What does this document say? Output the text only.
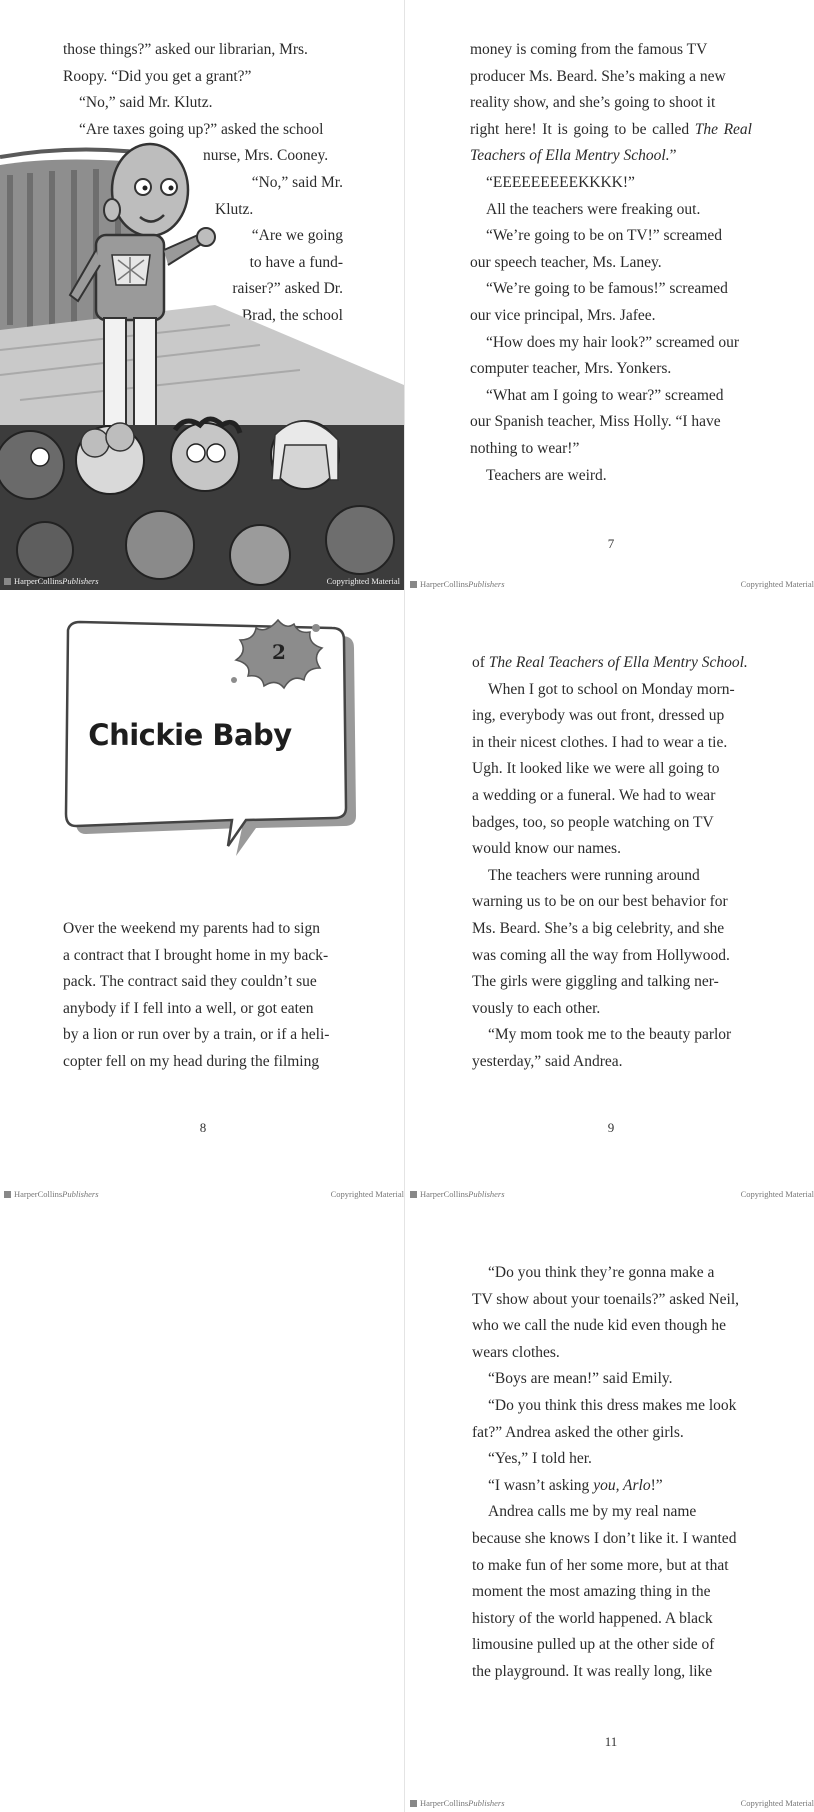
those things?” asked our librarian, Mrs.

Roopy. “Did you get a grant?”

“No,” said Mr. Klutz.

“Are taxes going up?” asked the school

nurse, Mrs. Cooney.

“No,” said Mr.

Klutz.

“Are we going

to have a fund-

raiser?” asked Dr.

Brad, the school

HarperCollinsPublishers	Copyrighted Material

money is coming from the famous TV

producer Ms. Beard. She’s making a new

reality show, and she’s going to shoot it

right here! It is going to be called The Real Teachers of Ella Mentry School.”

“EEEEEEEEEKKKK!”

All the teachers were freaking out.

“We’re going to be on TV!” screamed

our speech teacher, Ms. Laney.

“We’re going to be famous!” screamed

our vice principal, Mrs. Jafee.

“How does my hair look?” screamed our

computer teacher, Mrs. Yonkers.

“What am I going to wear?” screamed

our Spanish teacher, Miss Holly. “I have

nothing to wear!”

Teachers are weird.

7
HarperCollinsPublishers	Copyrighted Material
2
Chickie Baby

Over the weekend my parents had to sign

a contract that I brought home in my back-

pack. The contract said they couldn’t sue

anybody if I fell into a well, or got eaten

by a lion or run over by a train, or if a heli-

copter fell on my head during the filming

8
HarperCollinsPublishers	Copyrighted Material

of The Real Teachers of Ella Mentry School.

When I got to school on Monday morn-

ing, everybody was out front, dressed up

in their nicest clothes. I had to wear a tie.

Ugh. It looked like we were all going to

a wedding or a funeral. We had to wear

badges, too, so people watching on TV

would know our names.

The teachers were running around

warning us to be on our best behavior for

Ms. Beard. She’s a big celebrity, and she

was coming all the way from Hollywood.

The girls were giggling and talking ner-

vously to each other.

“My mom took me to the beauty parlor

yesterday,” said Andrea.

9
HarperCollinsPublishers	Copyrighted Material

“Do you think they’re gonna make a

TV show about your toenails?” asked Neil,

who we call the nude kid even though he

wears clothes.

“Boys are mean!” said Emily.

“Do you think this dress makes me look

fat?” Andrea asked the other girls.

“Yes,” I told her.

“I wasn’t asking you, Arlo!”

Andrea calls me by my real name

because she knows I don’t like it. I wanted

to make fun of her some more, but at that

moment the most amazing thing in the

history of the world happened. A black

limousine pulled up at the other side of

the playground. It was really long, like

11
HarperCollinsPublishers	Copyrighted Material
